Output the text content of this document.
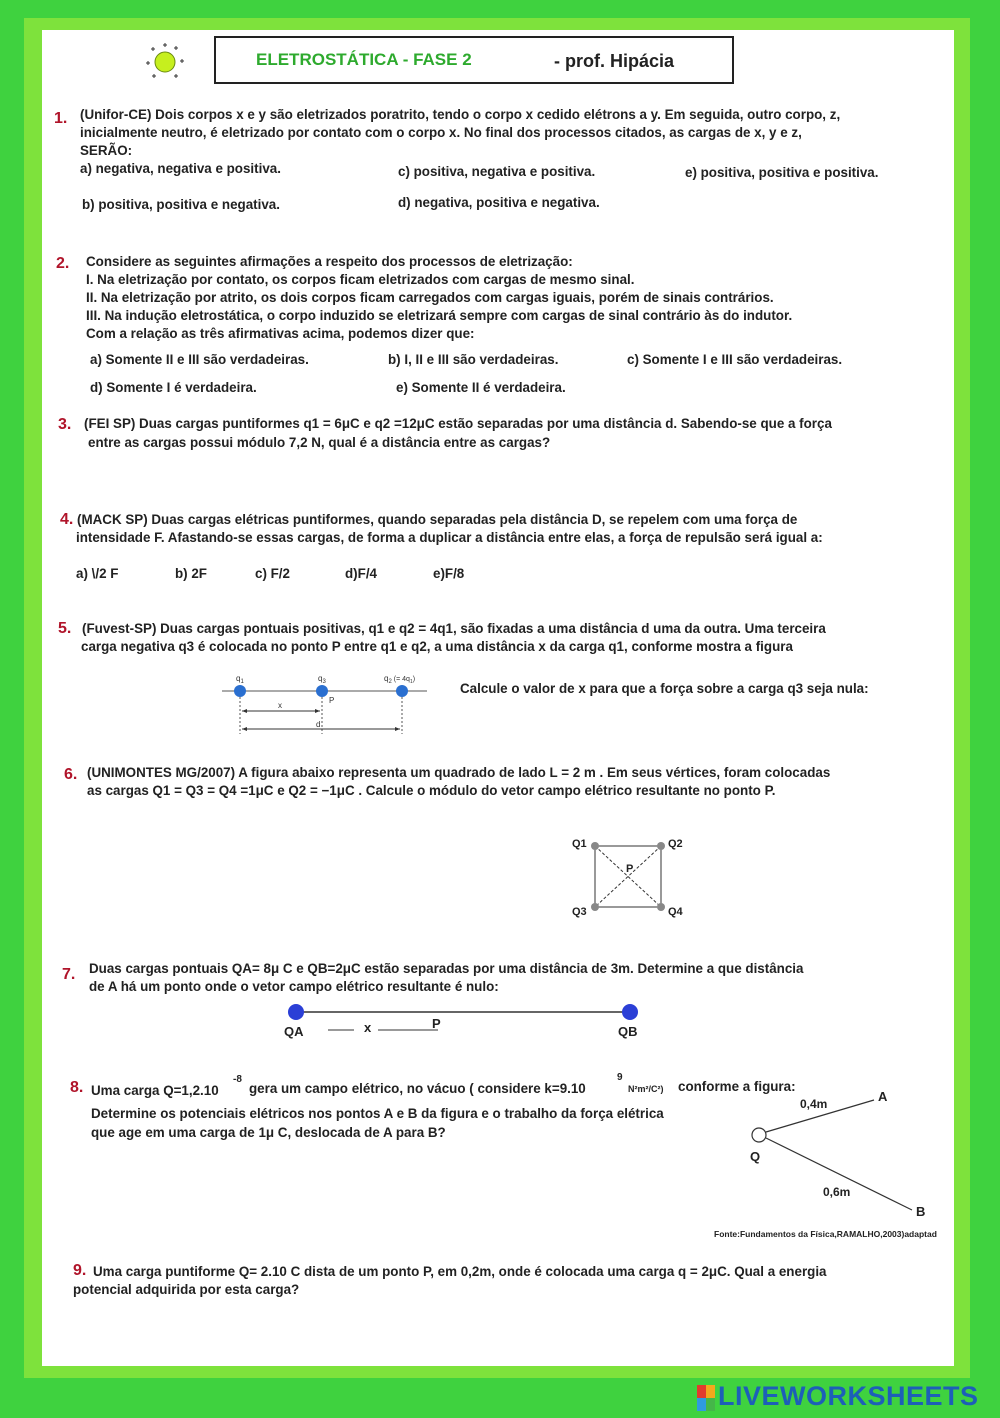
ELETROSTÁTICA - FASE 2	- prof. Hipácia
1. (Unifor-CE) Dois corpos x e y são eletrizados poratrito, tendo o corpo x cedido elétrons a y. Em seguida, outro corpo, z,
inicialmente neutro, é eletrizado por contato com o corpo x. No final dos processos citados, as cargas de x, y e z,
SERÃO:
a) negativa, negativa e positiva.	c) positiva, negativa e positiva.	e) positiva, positiva e positiva.
b) positiva, positiva e negativa.	d) negativa, positiva e negativa.
2. Considere as seguintes afirmações a respeito dos processos de eletrização:
I. Na eletrização por contato, os corpos ficam eletrizados com cargas de mesmo sinal.
II. Na eletrização por atrito, os dois corpos ficam carregados com cargas iguais, porém de sinais contrários.
III. Na indução eletrostática, o corpo induzido se eletrizará sempre com cargas de sinal contrário às do indutor.
Com a relação as três afirmativas acima, podemos dizer que:
a) Somente II e III são verdadeiras.	b) I, II e III são verdadeiras.	c) Somente I e III são verdadeiras.
d) Somente I é verdadeira.	e) Somente II é verdadeira.
3. (FEI SP) Duas cargas puntiformes q1 = 6μC e q2 =12μC estão separadas por uma distância d. Sabendo-se que a força
entre as cargas possui módulo 7,2 N, qual é a distância entre as cargas?
4. (MACK SP) Duas cargas elétricas puntiformes, quando separadas pela distância D, se repelem com uma força de
intensidade F. Afastando-se essas cargas, de forma a duplicar a distância entre elas, a força de repulsão será igual a:
a) \/2 F	b) 2F	c) F/2	d)F/4	e)F/8
5. (Fuvest-SP) Duas cargas pontuais positivas, q1 e q2 = 4q1, são fixadas a uma distância d uma da outra. Uma terceira
carga negativa q3 é colocada no ponto P entre q1 e q2, a uma distância x da carga q1, conforme mostra a figura
Calcule o valor de x para que a força sobre a carga q3 seja nula:
$q_1$	$q_3$
P
$q_2$ (= $4q_1$)
x
d
6. (UNIMONTES MG/2007) A figura abaixo representa um quadrado de lado L = 2 m . Em seus vértices, foram colocadas
as cargas Q1 = Q3 = Q4 =1μC e Q2 = −1μC . Calcule o módulo do vetor campo elétrico resultante no ponto P.
Q1	Q2
Q3	Q4
P
7. Duas cargas pontuais QA= 8μ C e QB=2μC estão separadas por uma distância de 3m. Determine a que distância
de A há um ponto onde o vetor campo elétrico resultante é nulo:
QA	x	P
QB
8. Uma carga Q=1,2.10
-8
gera um campo elétrico, no vácuo ( considere k=9.10
9
N²m²/C²) conforme a figura:
Determine os potenciais elétricos nos pontos A e B da figura e o trabalho da força elétrica
que age em uma carga de 1μ C, deslocada de A para B?
A
B
Q
0,4m
0,6m
Fonte:Fundamentos da Física,RAMALHO,2003)adaptad
9. Uma carga puntiforme Q= 2.10 C dista de um ponto P, em 0,2m, onde é colocada uma carga q = 2μC. Qual a energia
potencial adquirida por esta carga?
LIVEWORKSHEETS
